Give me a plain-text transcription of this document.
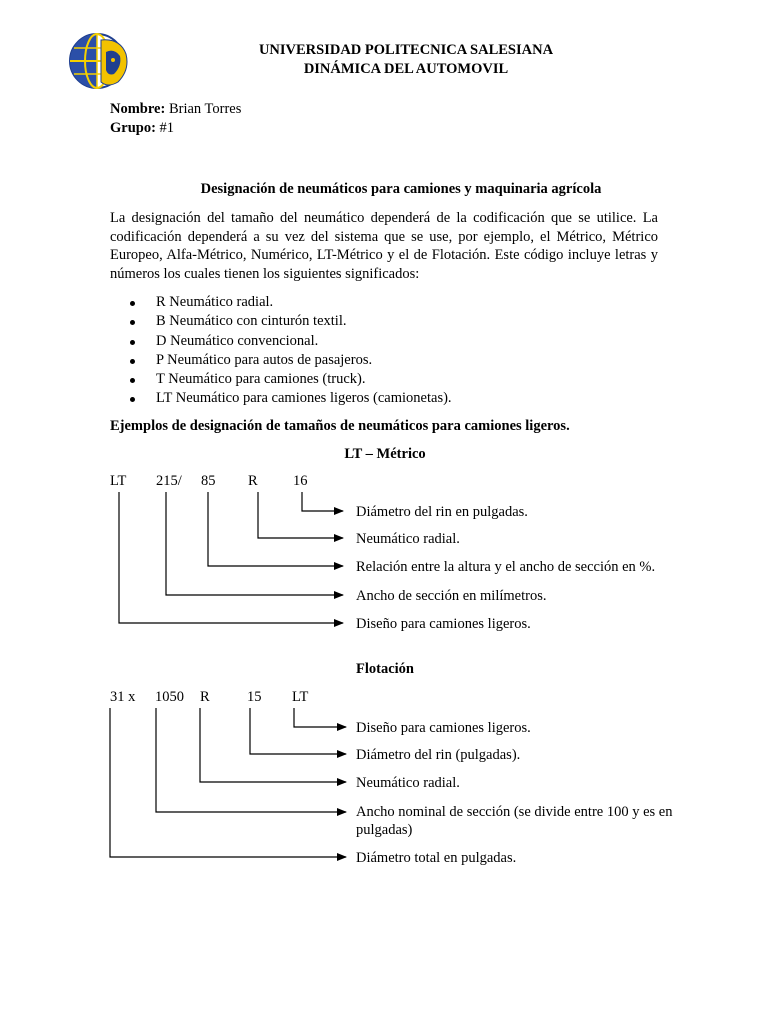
UNIVERSIDAD POLITECNICA SALESIANA
DINÁMICA DEL AUTOMOVIL
Nombre: Brian Torres
Grupo: #1
Designación de neumáticos para camiones y maquinaria agrícola
La designación del tamaño del neumático dependerá de la codificación que se utilice. La codificación dependerá a su vez del sistema que se use, por ejemplo, el Métrico, Métrico Europeo, Alfa-Métrico, Numérico, LT-Métrico y el de Flotación. Este código incluye letras y números los cuales tienen los siguientes significados:
R Neumático radial.
B Neumático con cinturón textil.
D Neumático convencional.
P Neumático para autos de pasajeros.
T Neumático para camiones (truck).
LT Neumático para camiones ligeros (camionetas).
Ejemplos de designación de tamaños de neumáticos para camiones ligeros.
LT – Métrico
LT 215/ 85 R 16
Diámetro del rin en pulgadas.
Neumático radial.
Relación entre la altura y el ancho de sección en %.
Ancho de sección en milímetros.
Diseño para camiones ligeros.
Flotación
31 x 1050 R	15 LT
Diseño para camiones ligeros.
Diámetro del rin (pulgadas).
Neumático radial.
Ancho nominal de sección (se divide entre 100 y es en pulgadas)
Diámetro total en pulgadas.
